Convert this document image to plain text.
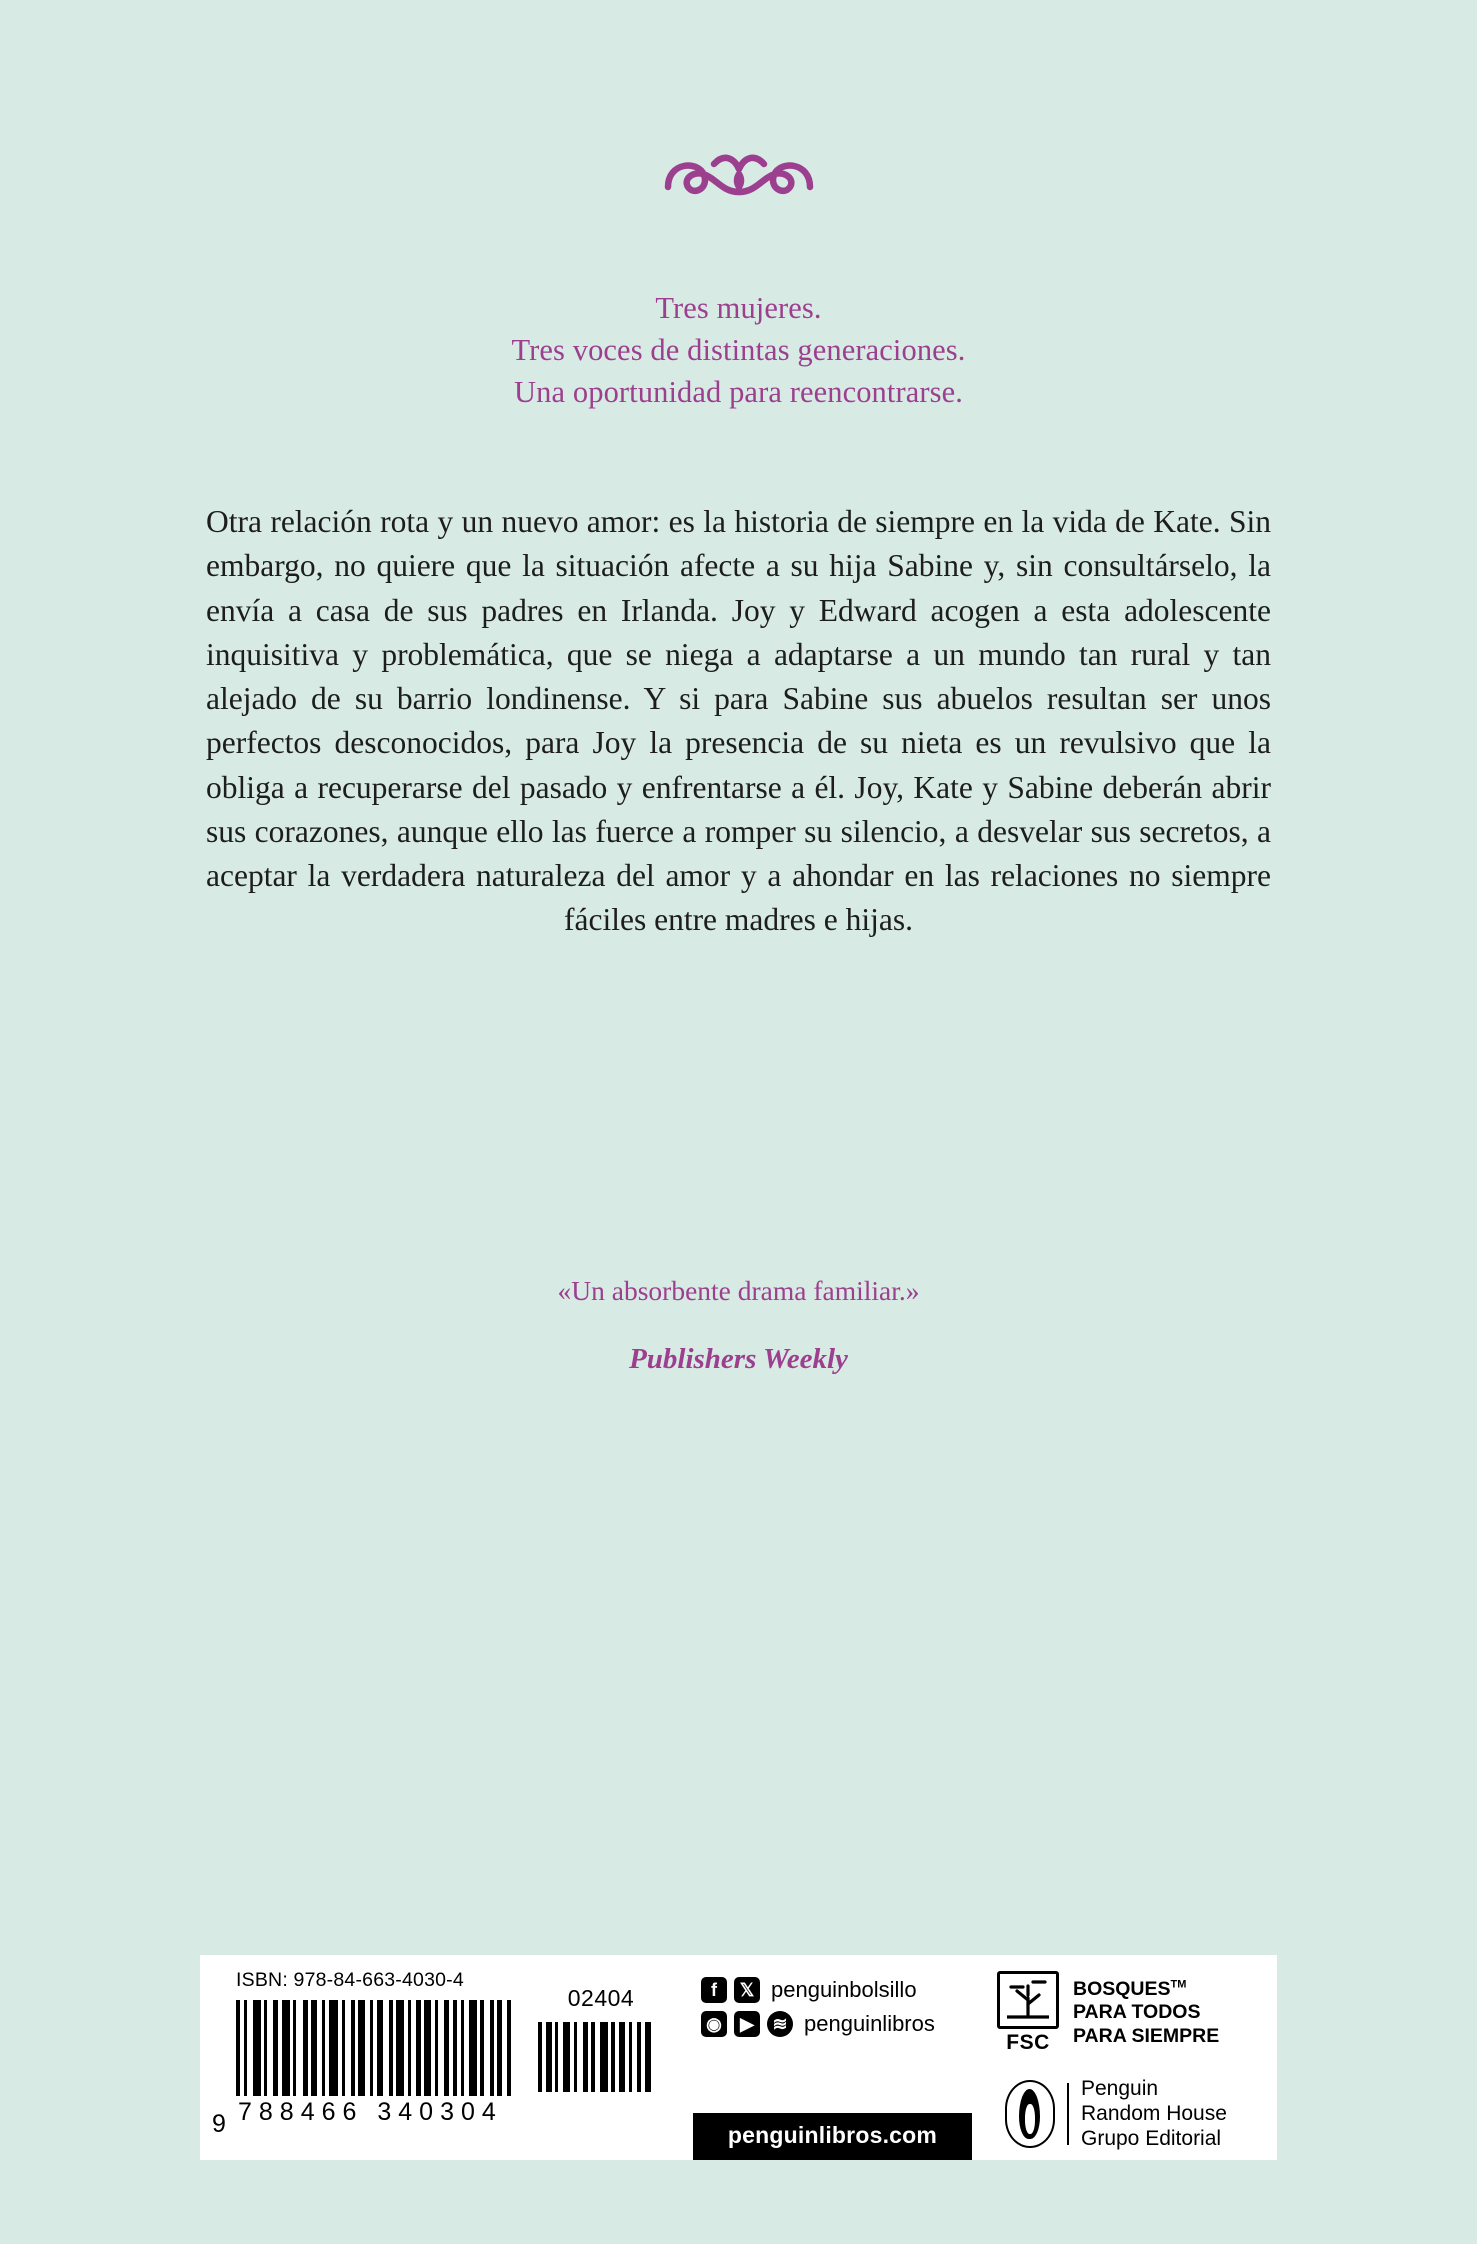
Tres mujeres.
Tres voces de distintas generaciones.
Una oportunidad para reencontrarse.

Otra relación rota y un nuevo amor: es la historia de siempre en la vida de Kate. Sin embargo, no quiere que la situación afecte a su hija Sabine y, sin consultárselo, la envía a casa de sus padres en Irlanda. Joy y Edward acogen a esta adolescente inquisitiva y problemática, que se niega a adaptarse a un mundo tan rural y tan alejado de su barrio londinense. Y si para Sabine sus abuelos resultan ser unos perfectos desconocidos, para Joy la presencia de su nieta es un revulsivo que la obliga a recuperarse del pasado y enfrentarse a él. Joy, Kate y Sabine deberán abrir sus corazones, aunque ello las fuerce a romper su silencio, a desvelar sus secretos, a aceptar la verdadera naturaleza del amor y a ahondar en las relaciones no siempre fáciles entre madres e hijas.

«Un absorbente drama familiar.»
Publishers Weekly
ISBN: 978-84-663-4030-4
788466 340304
9
02404	f	𝕏 penguinbolsillo
◉	▶	≋ penguinlibros
penguinlibros.com
FSC
BOSQUES™
PARA TODOS
PARA SIEMPRE
Penguin
Random House
Grupo Editorial
